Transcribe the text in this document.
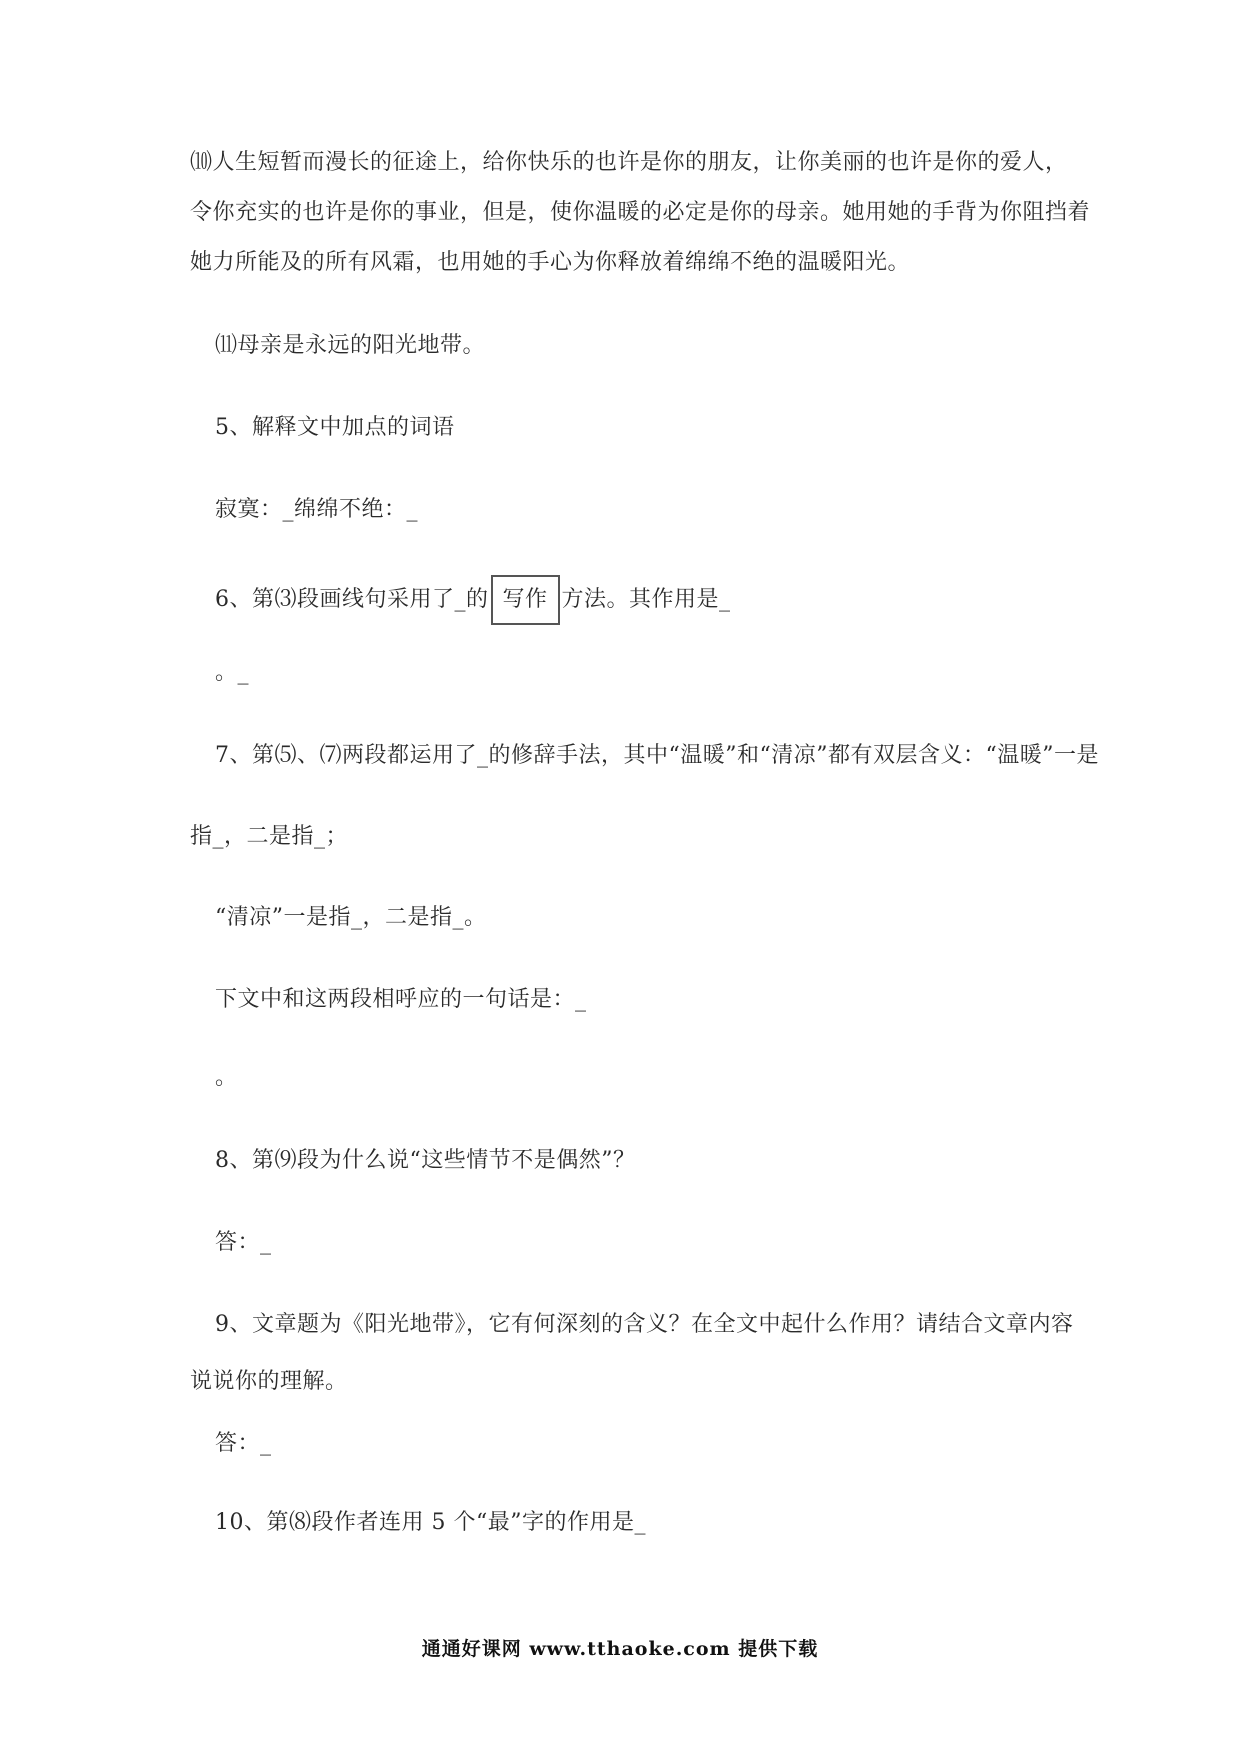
⑽人生短暂而漫长的征途上，给你快乐的也许是你的朋友，让你美丽的也许是你的爱人，
令你充实的也许是你的事业，但是，使你温暖的必定是你的母亲。她用她的手背为你阻挡着
她力所能及的所有风霜，也用她的手心为你释放着绵绵不绝的温暖阳光。
⑾母亲是永远的阳光地带。
5、解释文中加点的词语
寂寞：_绵绵不绝：_
6、第⑶段画线句采用了_的 写作 方法。其作用是_
。_
7、第⑸、⑺两段都运用了_的修辞手法，其中“温暖”和“清凉”都有双层含义：“温暖”一是
指_，二是指_；
“清凉”一是指_，二是指_。
下文中和这两段相呼应的一句话是：_
。
8、第⑼段为什么说“这些情节不是偶然”？
答：_
9、文章题为《阳光地带》，它有何深刻的含义？在全文中起什么作用？请结合文章内容
说说你的理解。
答：_
10、第⑻段作者连用 5 个“最”字的作用是_
通通好课网 www.tthaoke.com 提供下载
